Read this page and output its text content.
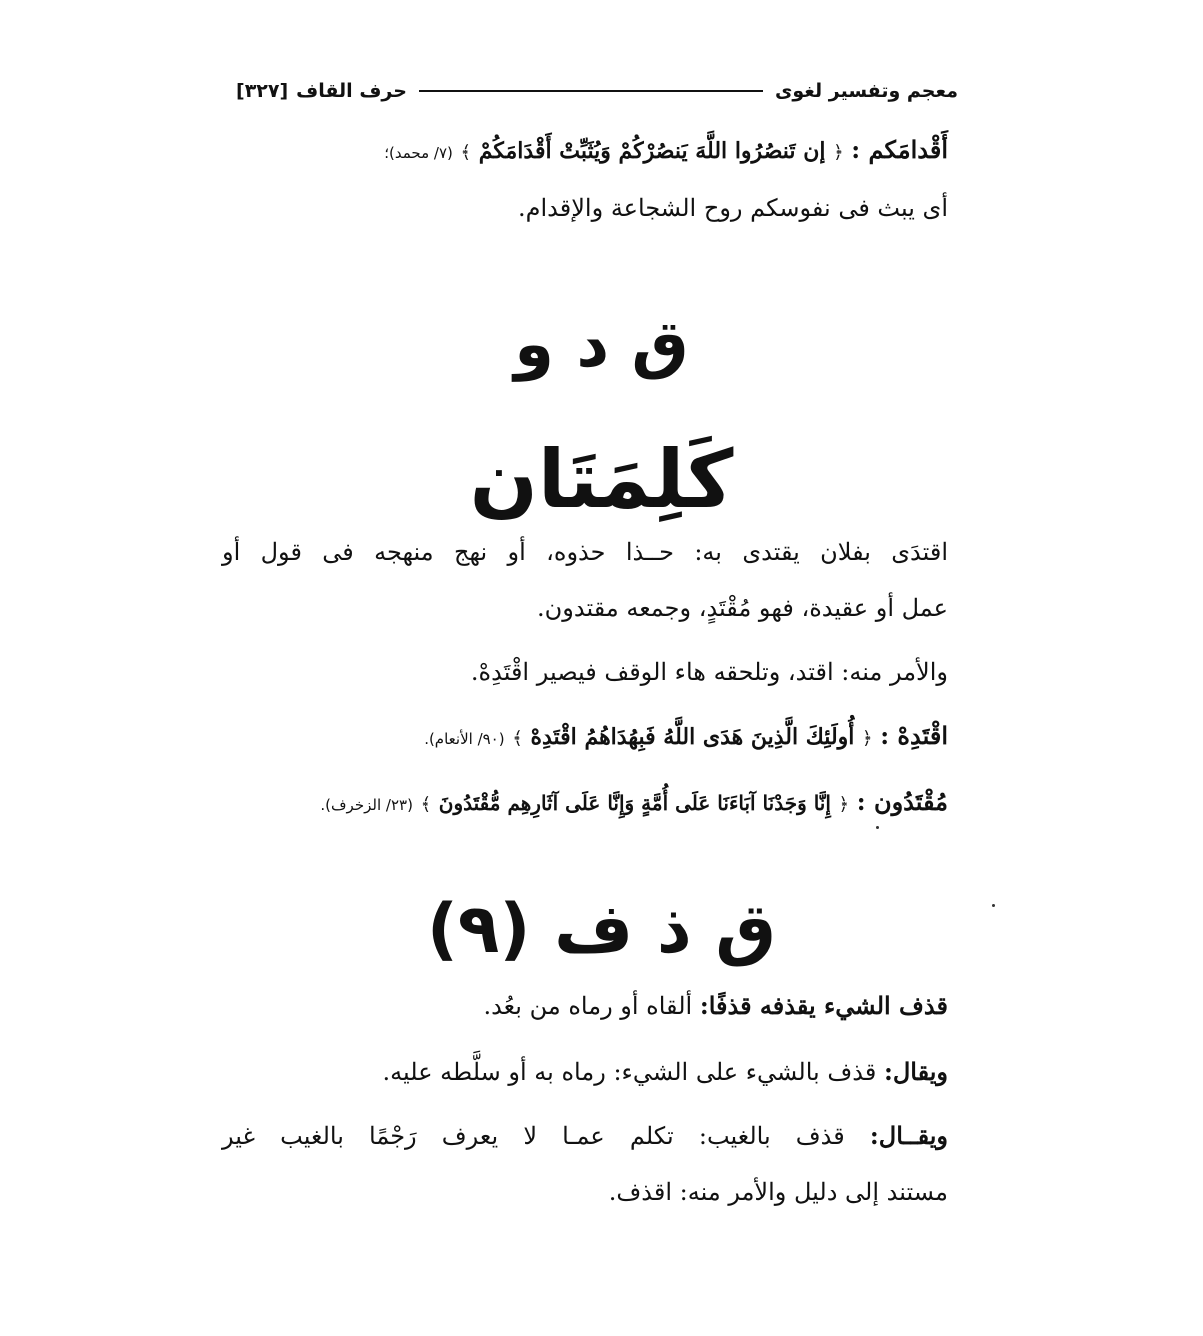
معجم وتفسير لغوى
حرف القاف
[٣٢٧]
أَقْدامَكم : ﴿ إن تَنصُرُوا اللَّهَ يَنصُرْكُمْ وَيُثَبِّتْ أَقْدَامَكُمْ ﴾ (٧/ محمد)؛
أى يبث فى نفوسكم روح الشجاعة والإقدام.
ق د و
كَلِمَتَان
اقتدَى بفلان يقتدى به: حــذا حذوه، أو نهج منهجه فى قول أو
عمل أو عقيدة، فهو مُقْتَدٍ، وجمعه مقتدون.
والأمر منه: اقتد، وتلحقه هاء الوقف فيصير اقْتَدِهْ.
اقْتَدِهْ : ﴿ أُولَئِكَ الَّذِينَ هَدَى اللَّهُ فَبِهُدَاهُمُ اقْتَدِهْ ﴾ (٩٠/ الأنعام).
مُقْتَدُون : ﴿ إِنَّا وَجَدْنَا آبَاءَنَا عَلَى أُمَّةٍ وَإِنَّا عَلَى آثَارِهِم مُّقْتَدُونَ ﴾ (٢٣/ الزخرف).
ق ذ ف (٩)
قذف الشيء يقذفه قذفًا: ألقاه أو رماه من بعُد.
ويقال: قذف بالشيء على الشيء: رماه به أو سلَّطه عليه.
ويقــال: قذف بالغيب: تكلم عمـا لا يعرف رَجْمًا بالغيب غير
مستند إلى دليل والأمر منه: اقذف.
